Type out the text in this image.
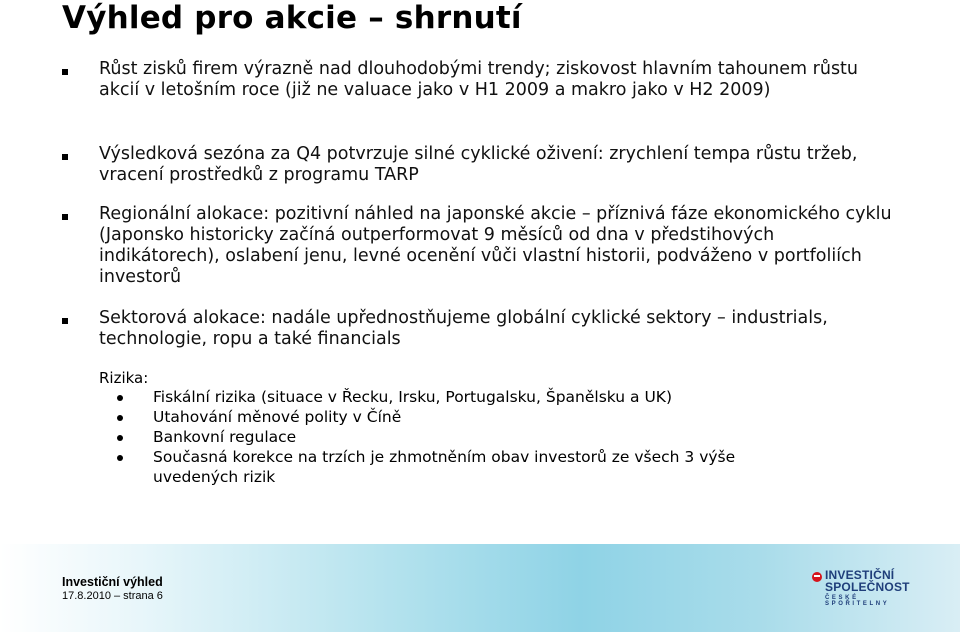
Výhled pro akcie – shrnutí
Růst zisků firem výrazně nad dlouhodobými trendy; ziskovost hlavním tahounem růstu akcií v letošním roce (již ne valuace jako v H1 2009 a makro jako v H2 2009)
Výsledková sezóna za Q4 potvrzuje silné cyklické oživení: zrychlení tempa růstu tržeb, vracení prostředků z programu TARP
Regionální alokace: pozitivní náhled na japonské akcie – příznivá fáze ekonomického cyklu (Japonsko historicky začíná outperformovat 9 měsíců od dna v předstihových indikátorech), oslabení jenu, levné ocenění vůči vlastní historii, podváženo v portfoliích investorů
Sektorová alokace: nadále upřednostňujeme globální cyklické sektory – industrials, technologie, ropu a také financials
Rizika:
Fiskální rizika (situace v Řecku, Irsku, Portugalsku, Španělsku a UK)
Utahování měnové polity v Číně
Bankovní regulace
Současná korekce na trzích je zhmotněním obav investorů ze všech 3 výše uvedených rizik
Investiční výhled
17.8.2010 – strana 6
INVESTIČNÍ
SPOLEČNOST
ČESKÉ SPOŘITELNY
